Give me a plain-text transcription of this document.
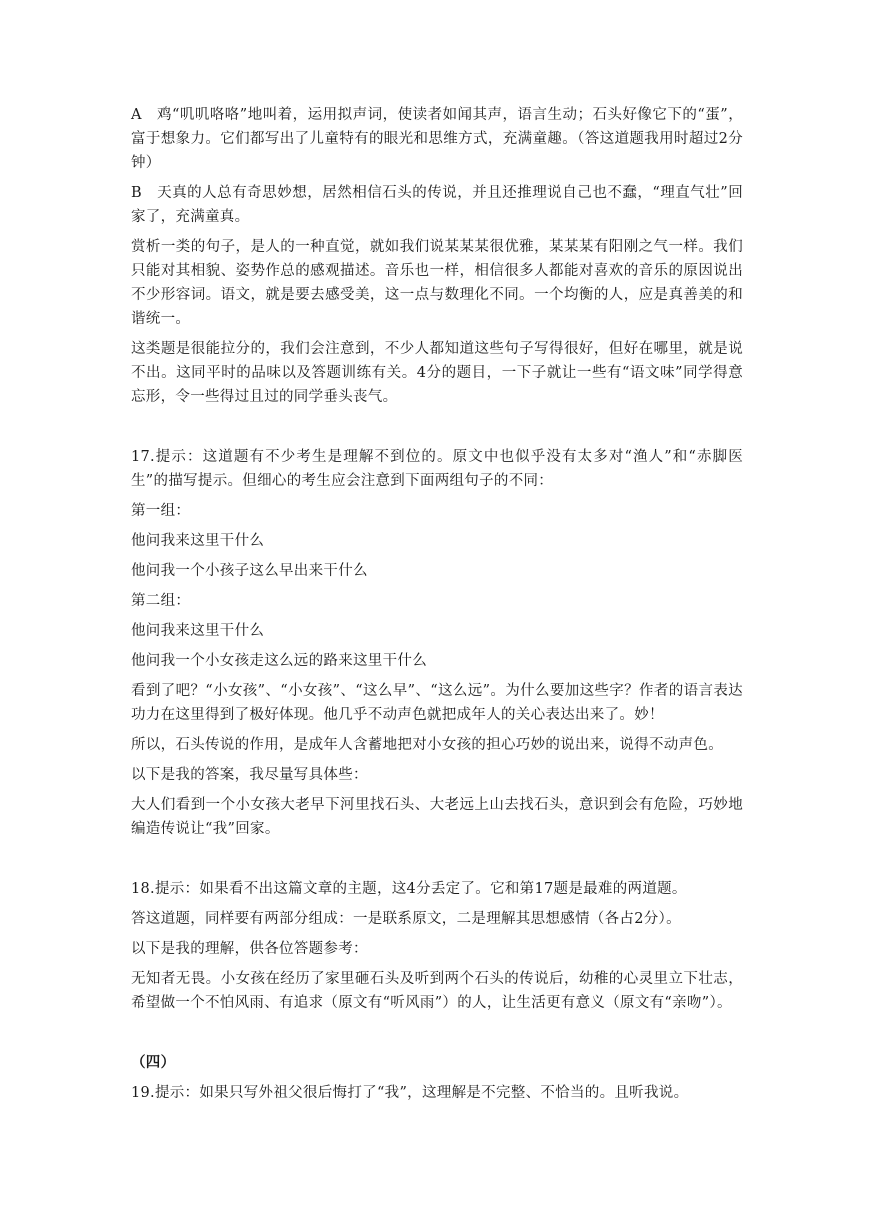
A　鸡“叽叽咯咯”地叫着，运用拟声词，使读者如闻其声，语言生动；石头好像它下的“蛋”，富于想象力。它们都写出了儿童特有的眼光和思维方式，充满童趣。（答这道题我用时超过2分钟）
B　天真的人总有奇思妙想，居然相信石头的传说，并且还推理说自己也不蠢，“理直气壮”回家了，充满童真。
赏析一类的句子，是人的一种直觉，就如我们说某某某很优雅，某某某有阳刚之气一样。我们只能对其相貌、姿势作总的感观描述。音乐也一样，相信很多人都能对喜欢的音乐的原因说出不少形容词。语文，就是要去感受美，这一点与数理化不同。一个均衡的人，应是真善美的和谐统一。
这类题是很能拉分的，我们会注意到，不少人都知道这些句子写得很好，但好在哪里，就是说不出。这同平时的品味以及答题训练有关。4分的题目，一下子就让一些有“语文味”同学得意忘形，令一些得过且过的同学垂头丧气。
17.提示：这道题有不少考生是理解不到位的。原文中也似乎没有太多对“渔人”和“赤脚医生”的描写提示。但细心的考生应会注意到下面两组句子的不同：
第一组：
他问我来这里干什么
他问我一个小孩子这么早出来干什么
第二组：
他问我来这里干什么
他问我一个小女孩走这么远的路来这里干什么
看到了吧？“小女孩”、“小女孩”、“这么早”、“这么远”。为什么要加这些字？作者的语言表达功力在这里得到了极好体现。他几乎不动声色就把成年人的关心表达出来了。妙！
所以，石头传说的作用，是成年人含蓄地把对小女孩的担心巧妙的说出来，说得不动声色。
以下是我的答案，我尽量写具体些：
大人们看到一个小女孩大老早下河里找石头、大老远上山去找石头，意识到会有危险，巧妙地编造传说让“我”回家。
18.提示：如果看不出这篇文章的主题，这4分丢定了。它和第17题是最难的两道题。
答这道题，同样要有两部分组成：一是联系原文，二是理解其思想感情（各占2分）。
以下是我的理解，供各位答题参考：
无知者无畏。小女孩在经历了家里砸石头及听到两个石头的传说后，幼稚的心灵里立下壮志，希望做一个不怕风雨、有追求（原文有“听风雨”）的人，让生活更有意义（原文有“亲吻”）。
（四）
19.提示：如果只写外祖父很后悔打了“我”，这理解是不完整、不恰当的。且听我说。
